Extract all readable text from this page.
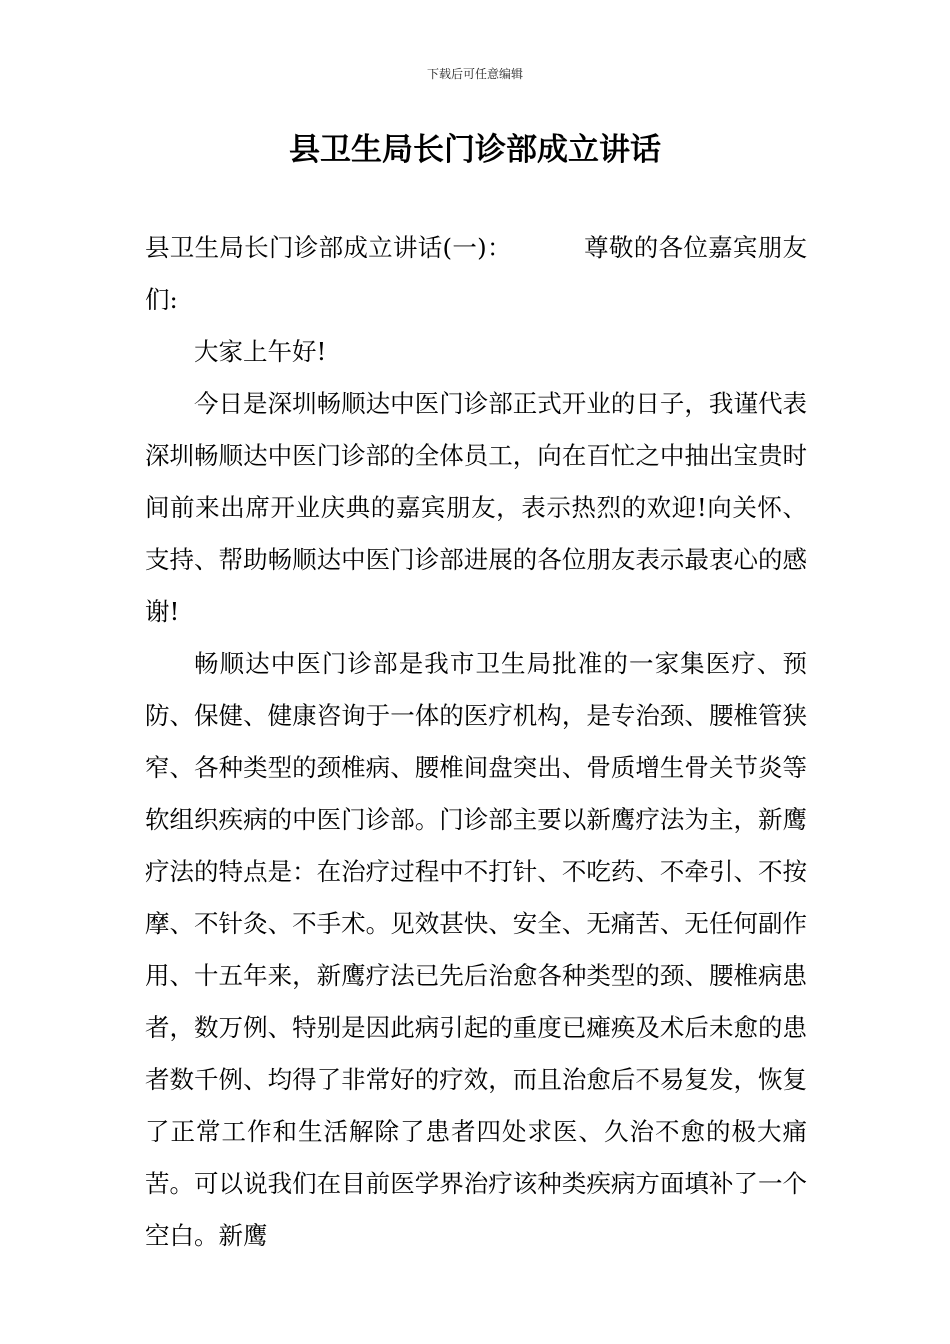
下载后可任意编辑
县卫生局长门诊部成立讲话

县卫生局长门诊部成立讲话(一)：	尊敬的各位嘉宾朋友们:

大家上午好!

今日是深圳畅顺达中医门诊部正式开业的日子，我谨代表深圳畅顺达中医门诊部的全体员工，向在百忙之中抽出宝贵时间前来出席开业庆典的嘉宾朋友，表示热烈的欢迎!向关怀、支持、帮助畅顺达中医门诊部进展的各位朋友表示最衷心的感谢!

畅顺达中医门诊部是我市卫生局批准的一家集医疗、预防、保健、健康咨询于一体的医疗机构，是专治颈、腰椎管狭窄、各种类型的颈椎病、腰椎间盘突出、骨质增生骨关节炎等软组织疾病的中医门诊部。门诊部主要以新鹰疗法为主，新鹰疗法的特点是：在治疗过程中不打针、不吃药、不牵引、不按摩、不针灸、不手术。见效甚快、安全、无痛苦、无任何副作用、十五年来，新鹰疗法已先后治愈各种类型的颈、腰椎病患者，数万例、特别是因此病引起的重度已瘫痪及术后未愈的患者数千例、均得了非常好的疗效，而且治愈后不易复发，恢复了正常工作和生活解除了患者四处求医、久治不愈的极大痛苦。可以说我们在目前医学界治疗该种类疾病方面填补了一个空白。新鹰
